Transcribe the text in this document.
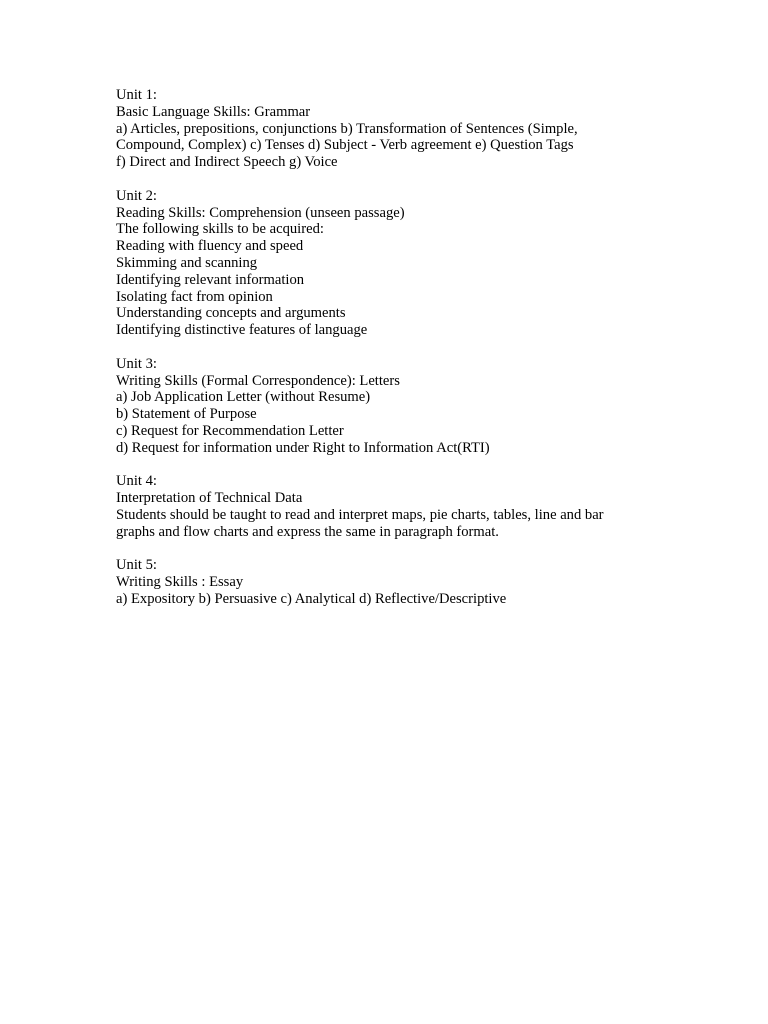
Unit 1:
Basic Language Skills: Grammar
a) Articles, prepositions, conjunctions b) Transformation of Sentences (Simple,
Compound, Complex) c) Tenses d) Subject - Verb agreement e) Question Tags
f) Direct and Indirect Speech g) Voice
Unit 2:
Reading Skills: Comprehension (unseen passage)
The following skills to be acquired:
Reading with fluency and speed
Skimming and scanning
Identifying relevant information
Isolating fact from opinion
Understanding concepts and arguments
Identifying distinctive features of language
Unit 3:
Writing Skills (Formal Correspondence): Letters
a) Job Application Letter (without Resume)
b) Statement of Purpose
c) Request for Recommendation Letter
d) Request for information under Right to Information Act(RTI)
Unit 4:
Interpretation of Technical Data
Students should be taught to read and interpret maps, pie charts, tables, line and bar
graphs and flow charts and express the same in paragraph format.
Unit 5:
Writing Skills : Essay
a) Expository b) Persuasive c) Analytical d) Reflective/Descriptive
